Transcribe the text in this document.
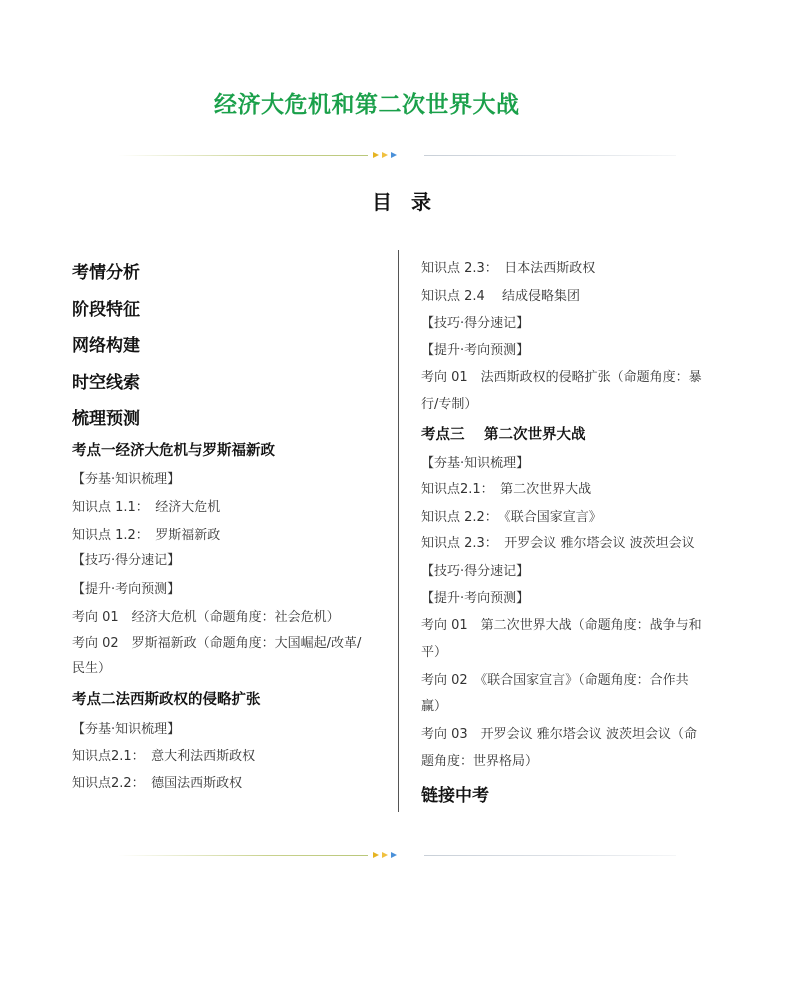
经济大危机和第二次世界大战
目 录
考情分析
阶段特征
网络构建
时空线索
梳理预测
考点一经济大危机与罗斯福新政
【夯基·知识梳理】
知识点 1.1：　经济大危机
知识点 1.2：　罗斯福新政
【技巧·得分速记】
【提升·考向预测】
考向 01　经济大危机（命题角度：社会危机）
考向 02　罗斯福新政（命题角度：大国崛起/改革/
民生）
考点二法西斯政权的侵略扩张
【夯基·知识梳理】
知识点2.1：　意大利法西斯政权
知识点2.2：　德国法西斯政权
知识点 2.3：　日本法西斯政权
知识点 2.4　 结成侵略集团
【技巧·得分速记】
【提升·考向预测】
考向 01　法西斯政权的侵略扩张（命题角度：暴
行/专制）
考点三　 第二次世界大战
【夯基·知识梳理】
知识点2.1：　第二次世界大战
知识点 2.2：　《联合国家宣言》
知识点 2.3：　开罗会议 雅尔塔会议 波茨坦会议
【技巧·得分速记】
【提升·考向预测】
考向 01　第二次世界大战（命题角度：战争与和
平）
考向 02　《联合国家宣言》（命题角度：合作共
赢）
考向 03　开罗会议 雅尔塔会议 波茨坦会议（命
题角度：世界格局）
链接中考
